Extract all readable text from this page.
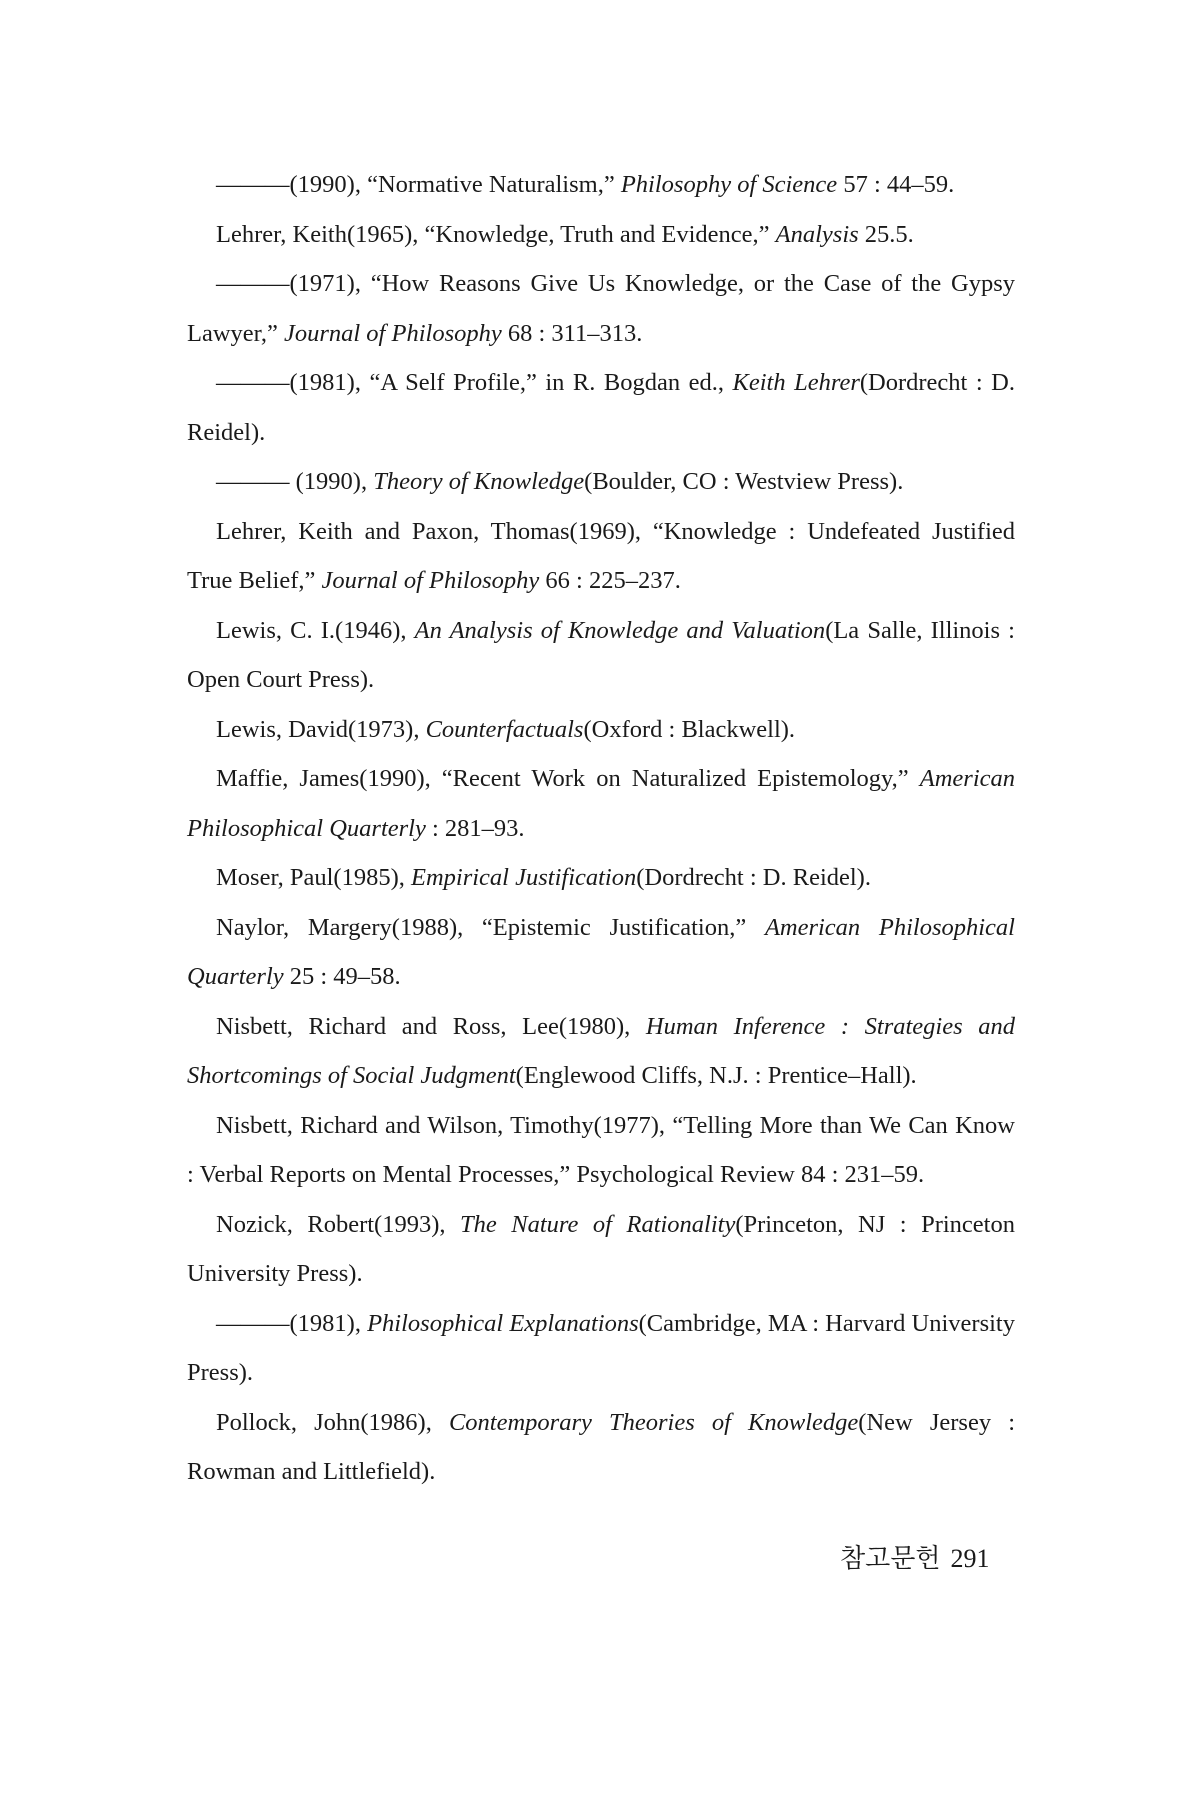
———(1990), “Normative Naturalism,” Philosophy of Science 57 : 44–59.

Lehrer, Keith(1965), “Knowledge, Truth and Evidence,” Analysis 25.5.

———(1971), “How Reasons Give Us Knowledge, or the Case of the Gypsy Lawyer,” Journal of Philosophy 68 : 311–313.

———(1981), “A Self Profile,” in R. Bogdan ed., Keith Lehrer(Dordrecht : D. Reidel).

——— (1990), Theory of Knowledge(Boulder, CO : Westview Press).

Lehrer, Keith and Paxon, Thomas(1969), “Knowledge : Undefeated Justified True Belief,” Journal of Philosophy 66 : 225–237.

Lewis, C. I.(1946), An Analysis of Knowledge and Valuation(La Salle, Illinois : Open Court Press).

Lewis, David(1973), Counterfactuals(Oxford : Blackwell).

Maffie, James(1990), “Recent Work on Naturalized Epistemology,” American Philosophical Quarterly : 281–93.

Moser, Paul(1985), Empirical Justification(Dordrecht : D. Reidel).

Naylor, Margery(1988), “Epistemic Justification,” American Philosophical Quarterly 25 : 49–58.

Nisbett, Richard and Ross, Lee(1980), Human Inference : Strategies and Shortcomings of Social Judgment(Englewood Cliffs, N.J. : Prentice–Hall).

Nisbett, Richard and Wilson, Timothy(1977), “Telling More than We Can Know : Verbal Reports on Mental Processes,” Psychological Review 84 : 231–59.

Nozick, Robert(1993), The Nature of Rationality(Princeton, NJ : Princeton University Press).

———(1981), Philosophical Explanations(Cambridge, MA : Harvard University Press).

Pollock, John(1986), Contemporary Theories of Knowledge(New Jersey : Rowman and Littlefield).

참고문헌 291
